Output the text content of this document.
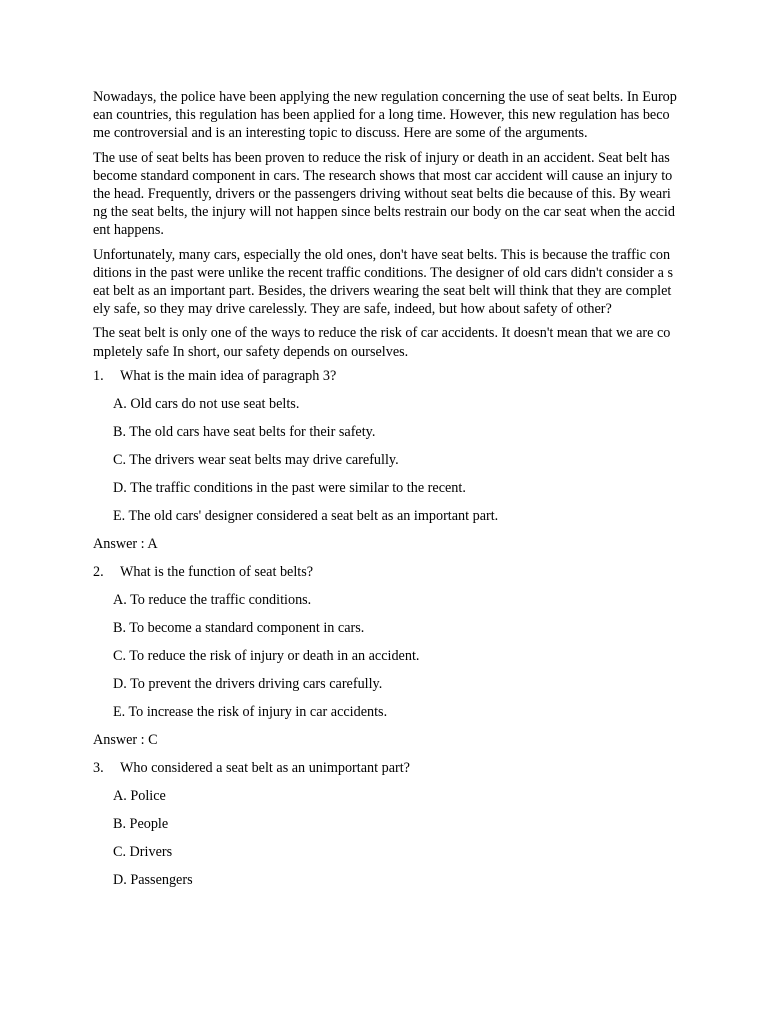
Nowadays, the police have been applying the new regulation concerning the use of seat belts. In European countries, this regulation has been applied for a long time. However, this new regulation has become controversial and is an interesting topic to discuss. Here are some of the arguments.

The use of seat belts has been proven to reduce the risk of injury or death in an accident. Seat belt has become standard component in cars. The research shows that most car accident will cause an injury to the head. Frequently, drivers or the passengers driving without seat belts die because of this. By wearing the seat belts, the injury will not happen since belts restrain our body on the car seat when the accident happens.

Unfortunately, many cars, especially the old ones, don't have seat belts. This is because the traffic conditions in the past were unlike the recent traffic conditions. The designer of old cars didn't consider a seat belt as an important part. Besides, the drivers wearing the seat belt will think that they are completely safe, so they may drive carelessly. They are safe, indeed, but how about safety of other?

The seat belt is only one of the ways to reduce the risk of car accidents. It doesn't mean that we are completely safe In short, our safety depends on ourselves.

1.	What is the main idea of paragraph 3?
A. Old cars do not use seat belts.
B. The old cars have seat belts for their safety.
C. The drivers wear seat belts may drive carefully.
D. The traffic conditions in the past were similar to the recent.
E. The old cars' designer considered a seat belt as an important part.
Answer : A
2.	What is the function of seat belts?
A. To reduce the traffic conditions.
B. To become a standard component in cars.
C. To reduce the risk of injury or death in an accident.
D. To prevent the drivers driving cars carefully.
E. To increase the risk of injury in car accidents.
Answer : C
3.	Who considered a seat belt as an unimportant part?
A. Police
B. People
C. Drivers
D. Passengers
